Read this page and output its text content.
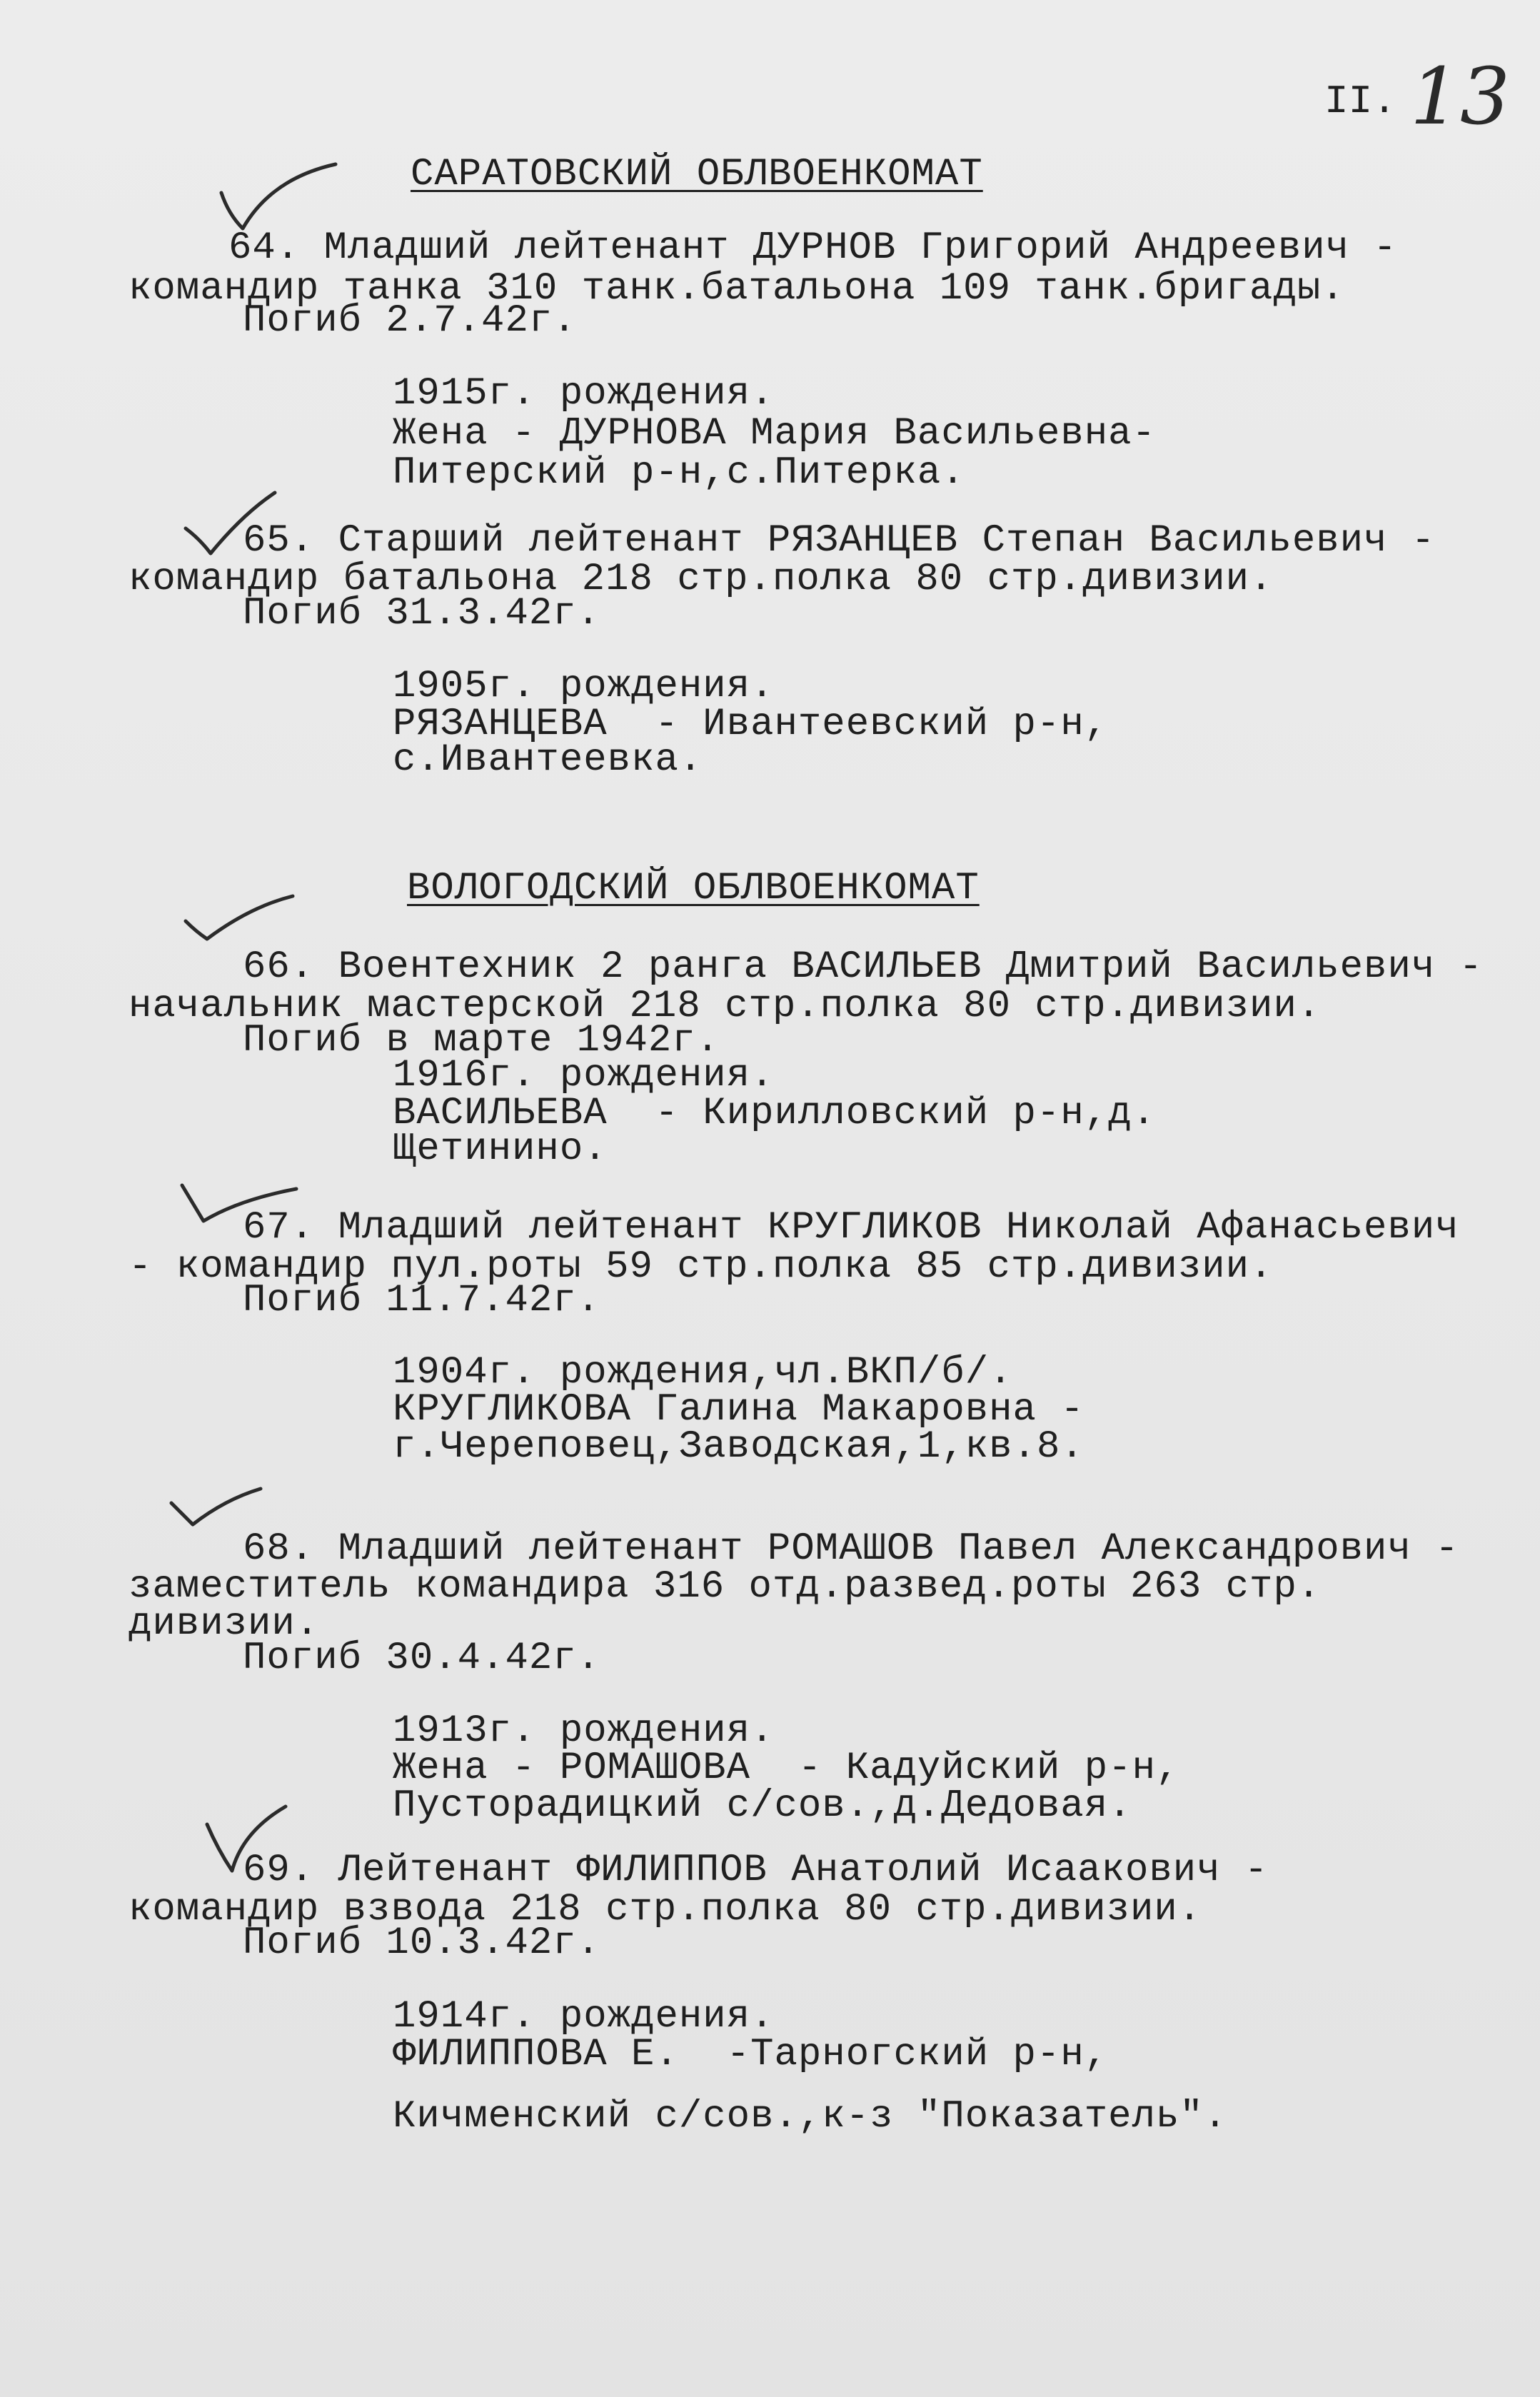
II. 13
САРАТОВСКИЙ ОБЛВОЕНКОМАТ
64. Младший лейтенант ДУРНОВ Григорий Андреевич -
командир танка 310 танк.батальона 109 танк.бригады.
Погиб 2.7.42г.
1915г. рождения.
Жена - ДУРНОВА Мария Васильевна-
Питерский р-н,с.Питерка.
65. Старший лейтенант РЯЗАНЦЕВ Степан Васильевич -
командир батальона 218 стр.полка 80 стр.дивизии.
Погиб 31.3.42г.
1905г. рождения.
РЯЗАНЦЕВА  - Ивантеевский р-н,
с.Ивантеевка.
ВОЛОГОДСКИЙ ОБЛВОЕНКОМАТ
66. Воентехник 2 ранга ВАСИЛЬЕВ Дмитрий Васильевич -
начальник мастерской 218 стр.полка 80 стр.дивизии.
Погиб в марте 1942г.
1916г. рождения.
ВАСИЛЬЕВА  - Кирилловский р-н,д.
Щетинино.
67. Младший лейтенант КРУГЛИКОВ Николай Афанасьевич
- командир пул.роты 59 стр.полка 85 стр.дивизии.
Погиб 11.7.42г.
1904г. рождения,чл.ВКП/б/.
КРУГЛИКОВА Галина Макаровна -
г.Череповец,Заводская,1,кв.8.
68. Младший лейтенант РОМАШОВ Павел Александрович -
заместитель командира 316 отд.развед.роты 263 стр.
дивизии.
Погиб 30.4.42г.
1913г. рождения.
Жена - РОМАШОВА  - Кадуйский р-н,
Пусторадицкий с/сов.,д.Дедовая.
69. Лейтенант ФИЛИППОВ Анатолий Исаакович -
командир взвода 218 стр.полка 80 стр.дивизии.
Погиб 10.3.42г.
1914г. рождения.
ФИЛИППОВА Е.  -Тарногский р-н,
Кичменский с/сов.,к-з "Показатель".
